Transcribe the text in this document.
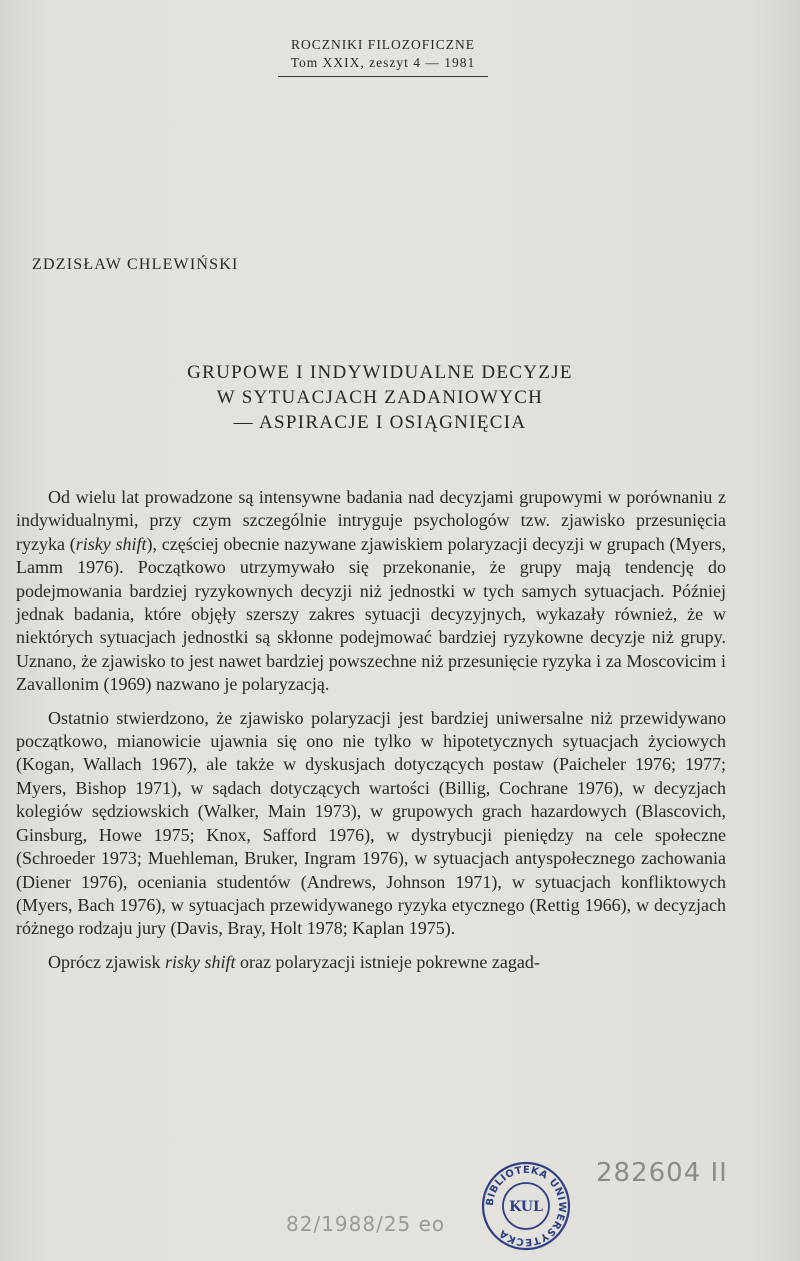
ROCZNIKI FILOZOFICZNE
Tom XXIX, zeszyt 4 — 1981
ZDZISŁAW CHLEWIŃSKI
GRUPOWE I INDYWIDUALNE DECYZJE
W SYTUACJACH ZADANIOWYCH
— ASPIRACJE I OSIĄGNIĘCIA

Od wielu lat prowadzone są intensywne badania nad decyzjami grupowymi w porównaniu z indywidualnymi, przy czym szczególnie intryguje psychologów tzw. zjawisko przesunięcia ryzyka (risky shift), częściej obecnie nazywane zjawiskiem polaryzacji decyzji w grupach (Myers, Lamm 1976). Początkowo utrzymywało się przekonanie, że grupy mają tendencję do podejmowania bardziej ryzykownych decyzji niż jednostki w tych samych sytuacjach. Później jednak badania, które objęły szerszy zakres sytuacji decyzyjnych, wykazały również, że w niektórych sytuacjach jednostki są skłonne podejmować bardziej ryzykowne decyzje niż grupy. Uznano, że zjawisko to jest nawet bardziej powszechne niż przesunięcie ryzyka i za Moscovicim i Zavallonim (1969) nazwano je polaryzacją.

Ostatnio stwierdzono, że zjawisko polaryzacji jest bardziej uniwersalne niż przewidywano początkowo, mianowicie ujawnia się ono nie tylko w hipotetycznych sytuacjach życiowych (Kogan, Wallach 1967), ale także w dyskusjach dotyczących postaw (Paicheler 1976; 1977; Myers, Bishop 1971), w sądach dotyczących wartości (Billig, Cochrane 1976), w decyzjach kolegiów sędziowskich (Walker, Main 1973), w grupowych grach hazardowych (Blascovich, Ginsburg, Howe 1975; Knox, Safford 1976), w dystrybucji pieniędzy na cele społeczne (Schroeder 1973; Muehleman, Bruker, Ingram 1976), w sytuacjach antyspołecznego zachowania (Diener 1976), oceniania studentów (Andrews, Johnson 1971), w sytuacjach konfliktowych (Myers, Bach 1976), w sytuacjach przewidywanego ryzyka etycznego (Rettig 1966), w decyzjach różnego rodzaju jury (Davis, Bray, Holt 1978; Kaplan 1975).

Oprócz zjawisk risky shift oraz polaryzacji istnieje pokrewne zagad-

BIBLIOTEKA UNIWERSYTECKA
KUL
282604 II
82/1988/25 eo
